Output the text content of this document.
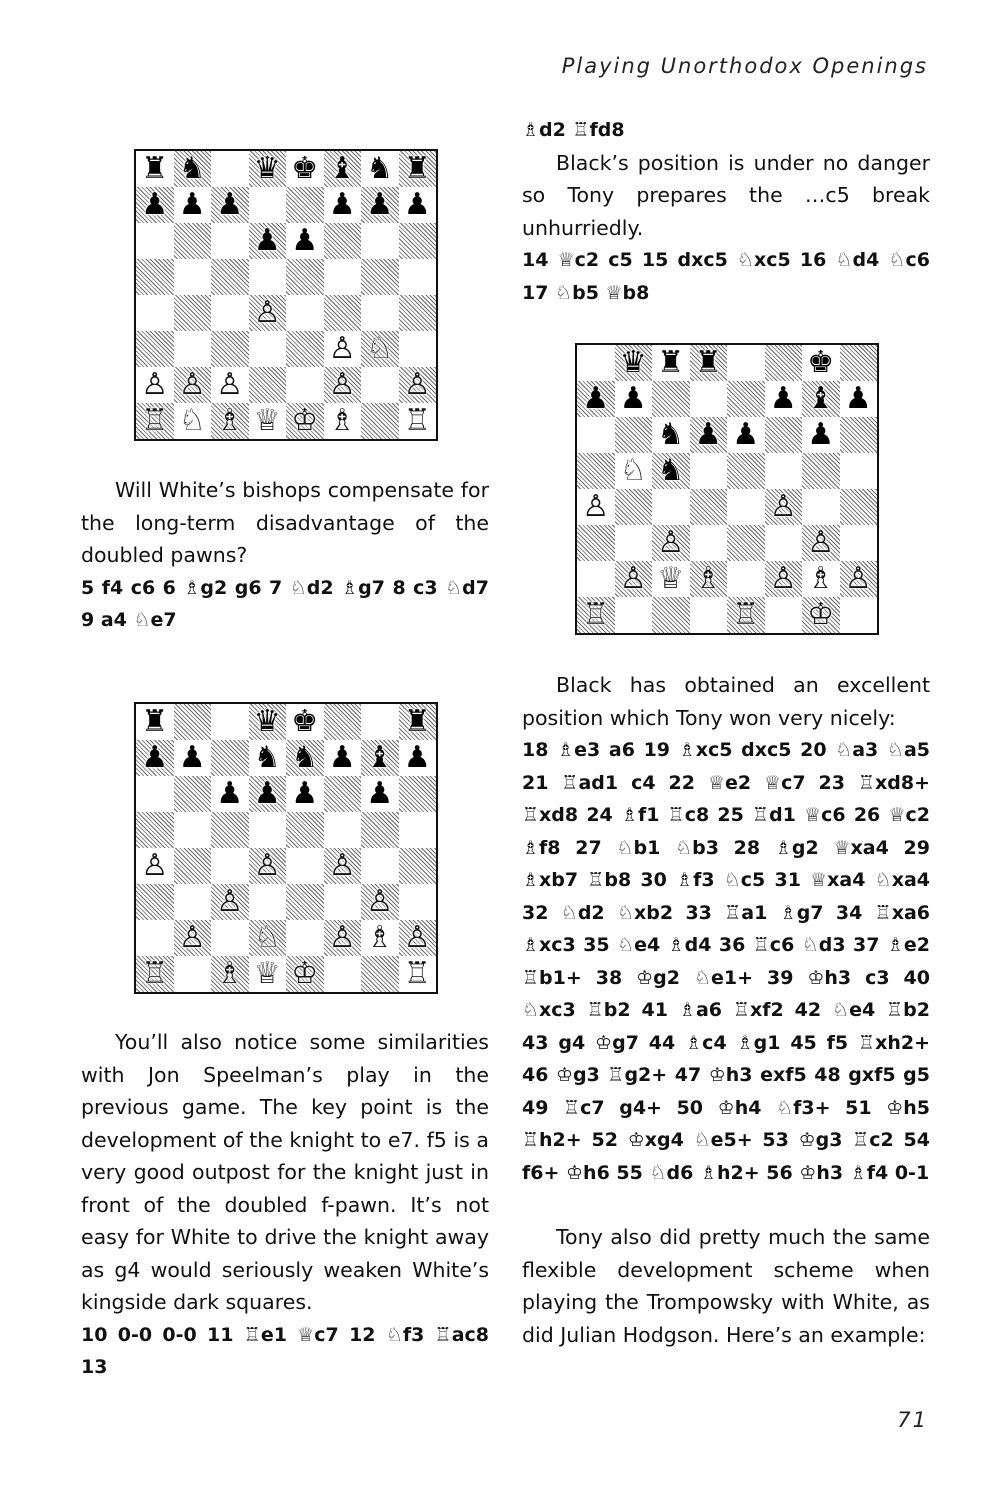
Playing Unorthodox Openings
♜ ♞ ♛ ♚ ♝ ♞ ♜
♟ ♟ ♟	♟ ♟ ♟
♟ ♟
♙
♙ ♘
♙ ♙ ♙	♙ ♙
♖ ♘ ♗ ♕ ♔ ♗ ♖

Will White’s bishops compensate for the long-term disadvantage of the doubled pawns?

5 f4 c6 6 ♗g2 g6 7 ♘d2 ♗g7 8 c3 ♘d7 9 a4 ♘e7

♜	♛ ♚	♜
♟ ♟ ♞ ♞ ♟ ♝ ♟
♟ ♟ ♟ ♟
♙	♙ ♙
♙	♙
♙ ♘ ♙ ♗ ♙
♖ ♗ ♕ ♔	♖

You’ll also notice some similarities with Jon Speelman’s play in the previous game. The key point is the development of the knight to e7. f5 is a very good outpost for the knight just in front of the doubled f-pawn. It’s not easy for White to drive the knight away as g4 would seriously weaken White’s kingside dark squares.

10 0-0 0-0 11 ♖e1 ♕c7 12 ♘f3 ♖ac8 13

♗d2 ♖fd8

Black’s position is under no danger so Tony prepares the …c5 break unhurriedly.

14 ♕c2 c5 15 dxc5 ♘xc5 16 ♘d4 ♘c6 17 ♘b5 ♕b8

♛ ♜ ♜	♚
♟ ♟	♟ ♝ ♟
♞ ♟ ♟ ♟
♘ ♞
♙	♙
♙	♙
♙ ♕ ♗ ♙ ♗ ♙
♖	♖ ♔

Black has obtained an excellent position which Tony won very nicely:

18 ♗e3 a6 19 ♗xc5 dxc5 20 ♘a3 ♘a5 21 ♖ad1 c4 22 ♕e2 ♕c7 23 ♖xd8+ ♖xd8 24 ♗f1 ♖c8 25 ♖d1 ♕c6 26 ♕c2 ♗f8 27 ♘b1 ♘b3 28 ♗g2 ♕xa4 29 ♗xb7 ♖b8 30 ♗f3 ♘c5 31 ♕xa4 ♘xa4 32 ♘d2 ♘xb2 33 ♖a1 ♗g7 34 ♖xa6 ♗xc3 35 ♘e4 ♗d4 36 ♖c6 ♘d3 37 ♗e2 ♖b1+ 38 ♔g2 ♘e1+ 39 ♔h3 c3 40 ♘xc3 ♖b2 41 ♗a6 ♖xf2 42 ♘e4 ♖b2 43 g4 ♔g7 44 ♗c4 ♗g1 45 f5 ♖xh2+ 46 ♔g3 ♖g2+ 47 ♔h3 exf5 48 gxf5 g5 49 ♖c7 g4+ 50 ♔h4 ♘f3+ 51 ♔h5 ♖h2+ 52 ♔xg4 ♘e5+ 53 ♔g3 ♖c2 54 f6+ ♔h6 55 ♘d6 ♗h2+ 56 ♔h3 ♗f4 0-1

Tony also did pretty much the same flexible development scheme when playing the Trompowsky with White, as did Julian Hodgson. Here’s an example:

71
